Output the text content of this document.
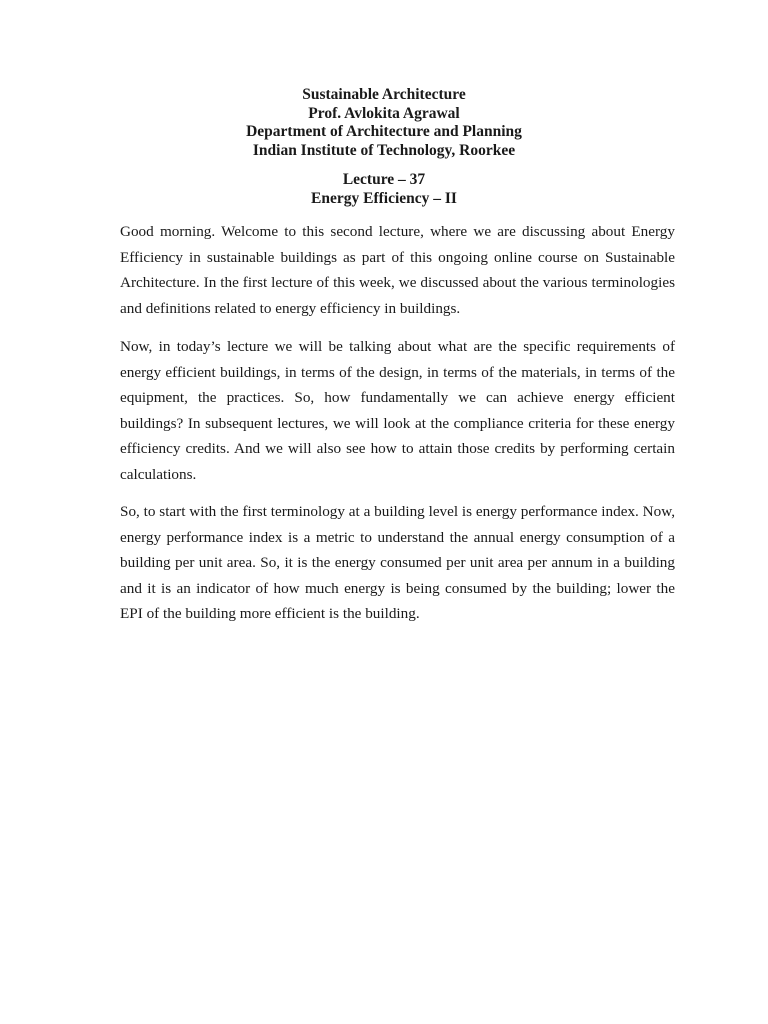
Sustainable Architecture
Prof. Avlokita Agrawal
Department of Architecture and Planning
Indian Institute of Technology, Roorkee
Lecture – 37
Energy Efficiency – II

Good morning. Welcome to this second lecture, where we are discussing about Energy Efficiency in sustainable buildings as part of this ongoing online course on Sustainable Architecture. In the first lecture of this week, we discussed about the various terminologies and definitions related to energy efficiency in buildings.

Now, in today’s lecture we will be talking about what are the specific requirements of energy efficient buildings, in terms of the design, in terms of the materials, in terms of the equipment, the practices. So, how fundamentally we can achieve energy efficient buildings? In subsequent lectures, we will look at the compliance criteria for these energy efficiency credits. And we will also see how to attain those credits by performing certain calculations.

So, to start with the first terminology at a building level is energy performance index. Now, energy performance index is a metric to understand the annual energy consumption of a building per unit area. So, it is the energy consumed per unit area per annum in a building and it is an indicator of how much energy is being consumed by the building; lower the EPI of the building more efficient is the building.
